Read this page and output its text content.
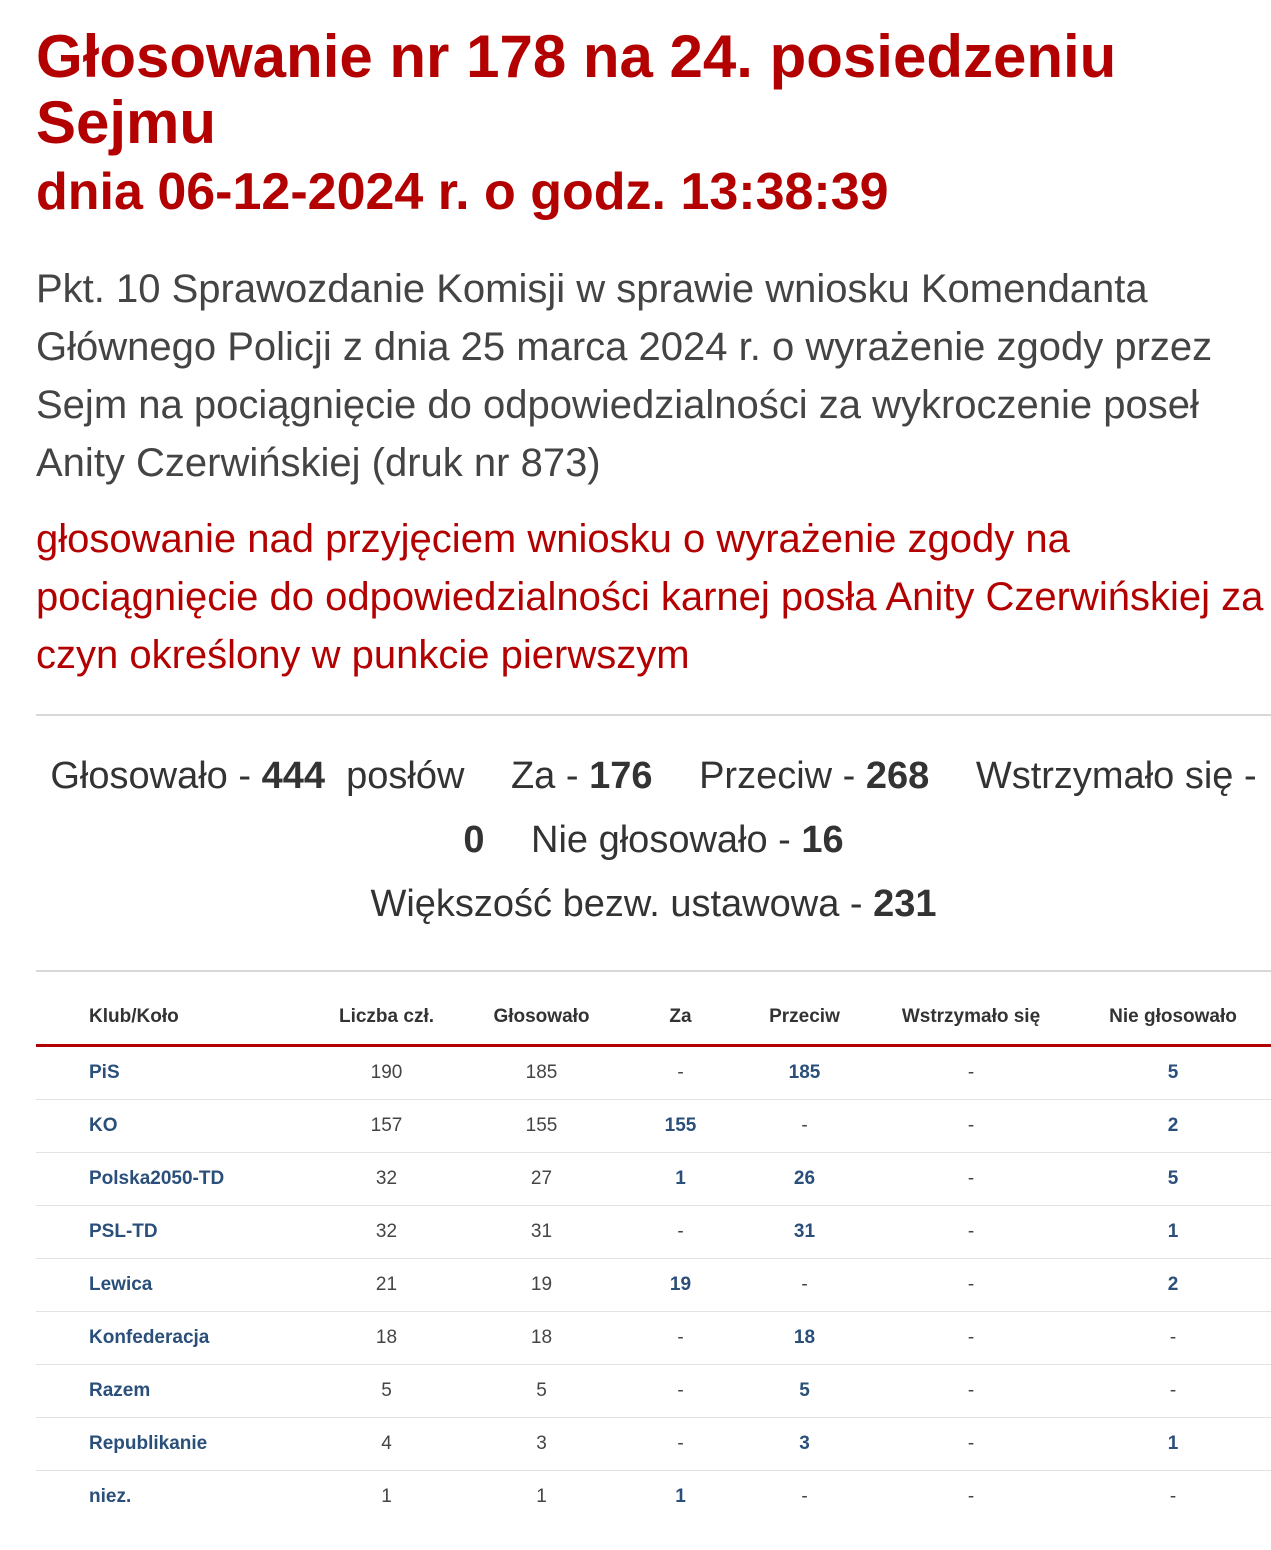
Głosowanie nr 178 na 24. posiedzeniu Sejmu
dnia 06-12-2024 r. o godz. 13:38:39

Pkt. 10 Sprawozdanie Komisji w sprawie wniosku Komendanta Głównego Policji z dnia 25 marca 2024 r. o wyrażenie zgody przez Sejm na pociągnięcie do odpowiedzialności za wykroczenie poseł Anity Czerwińskiej (druk nr 873)

głosowanie nad przyjęciem wniosku o wyrażenie zgody na pociągnięcie do odpowiedzialności karnej posła Anity Czerwińskiej za czyn określony w punkcie pierwszym

Głosowało - 444 posłów Za - 176 Przeciw - 268 Wstrzymało się -
0 Nie głosowało - 16
Większość bezw. ustawowa - 231
Klub/Koło	Liczba czł.	Głosowało	Za	Przeciw	Wstrzymało się	Nie głosowało
PiS	190	185	-	185	-	5
KO	157	155	155	-	-	2
Polska2050-TD	32	27	1	26	-	5
PSL-TD	32	31	-	31	-	1
Lewica	21	19	19	-	-	2
Konfederacja	18	18	-	18	-	-
Razem	5	5	-	5	-	-
Republikanie	4	3	-	3	-	1
niez.	1	1	1	-	-	-
